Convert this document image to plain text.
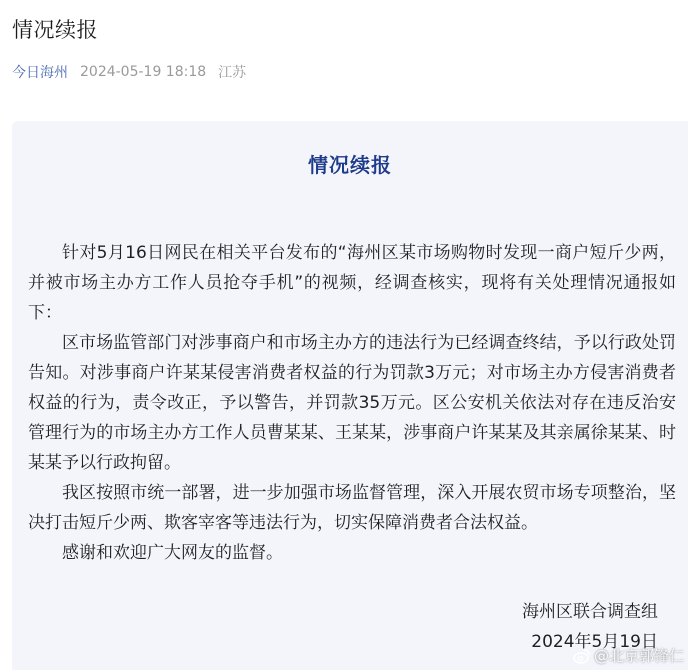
情况续报
今日海州 2024-05-19 18:18 江苏
情况续报

针对5月16日网民在相关平台发布的“海州区某市场购物时发现一商户短斤少两，并被市场主办方工作人员抢夺手机”的视频，经调查核实，现将有关处理情况通报如下：

区市场监管部门对涉事商户和市场主办方的违法行为已经调查终结，予以行政处罚告知。对涉事商户许某某侵害消费者权益的行为罚款3万元；对市场主办方侵害消费者权益的行为，责令改正，予以警告，并罚款35万元。区公安机关依法对存在违反治安管理行为的市场主办方工作人员曹某某、王某某，涉事商户许某某及其亲属徐某某、时某某予以行政拘留。

我区按照市统一部署，进一步加强市场监督管理，深入开展农贸市场专项整治，坚决打击短斤少两、欺客宰客等违法行为，切实保障消费者合法权益。

感谢和欢迎广大网友的监督。

海州区联合调查组
2024年5月19日
@北京郭锋仁
